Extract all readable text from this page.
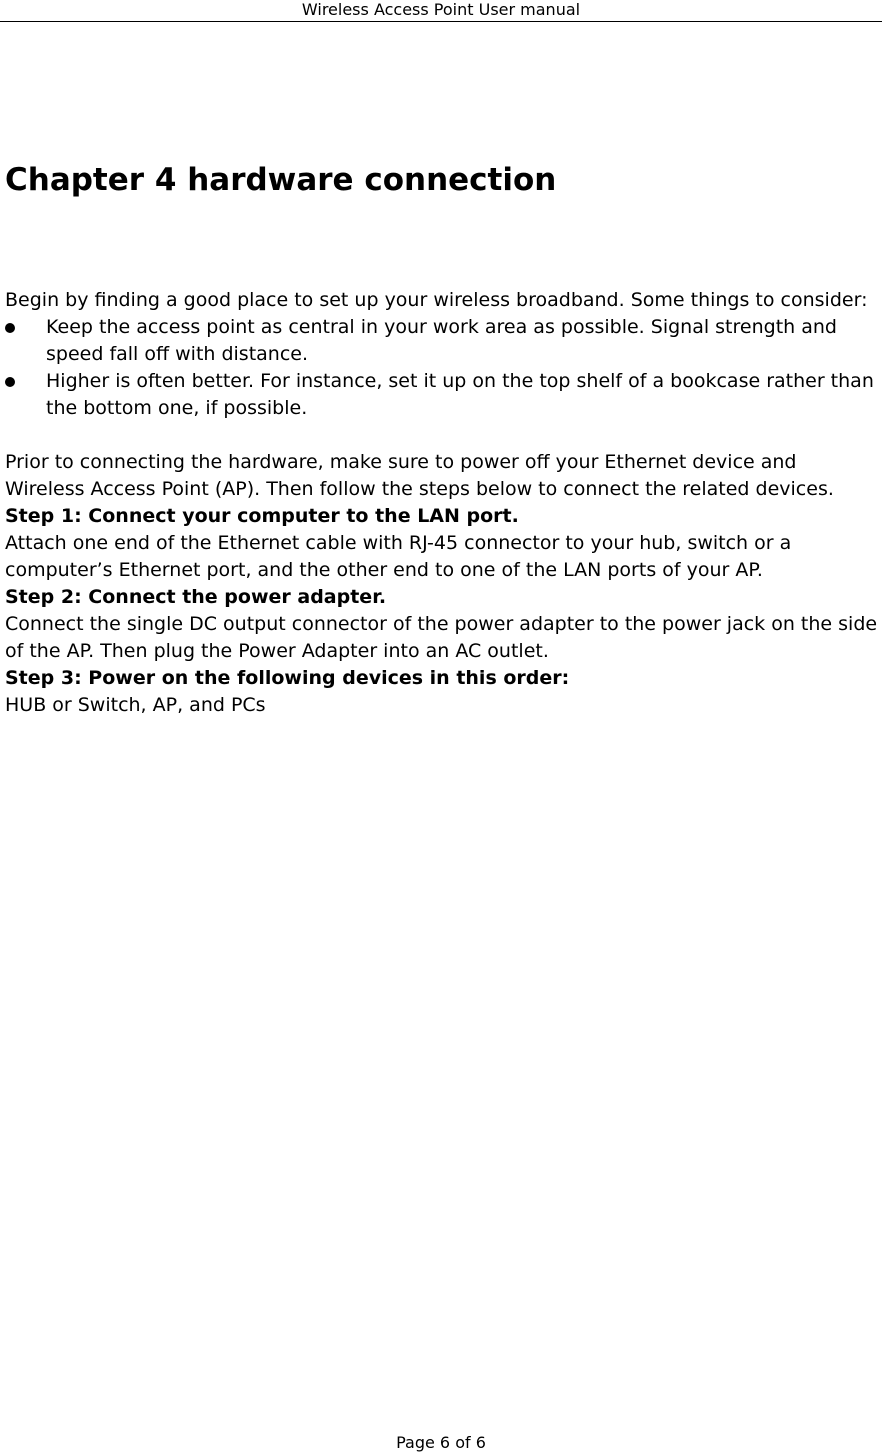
Wireless Access Point User manual
Chapter 4 hardware connection

Begin by finding a good place to set up your wireless broadband. Some things to consider:

Keep the access point as central in your work area as possible. Signal strength and speed fall off with distance.
Higher is often better. For instance, set it up on the top shelf of a bookcase rather than the bottom one, if possible.

Prior to connecting the hardware, make sure to power off your Ethernet device and Wireless Access Point (AP). Then follow the steps below to connect the related devices.

Step 1: Connect your computer to the LAN port.

Attach one end of the Ethernet cable with RJ-45 connector to your hub, switch or a computer’s Ethernet port, and the other end to one of the LAN ports of your AP.

Step 2: Connect the power adapter.

Connect the single DC output connector of the power adapter to the power jack on the side of the AP. Then plug the Power Adapter into an AC outlet.

Step 3: Power on the following devices in this order:

HUB or Switch, AP, and PCs

Page 6 of 6
